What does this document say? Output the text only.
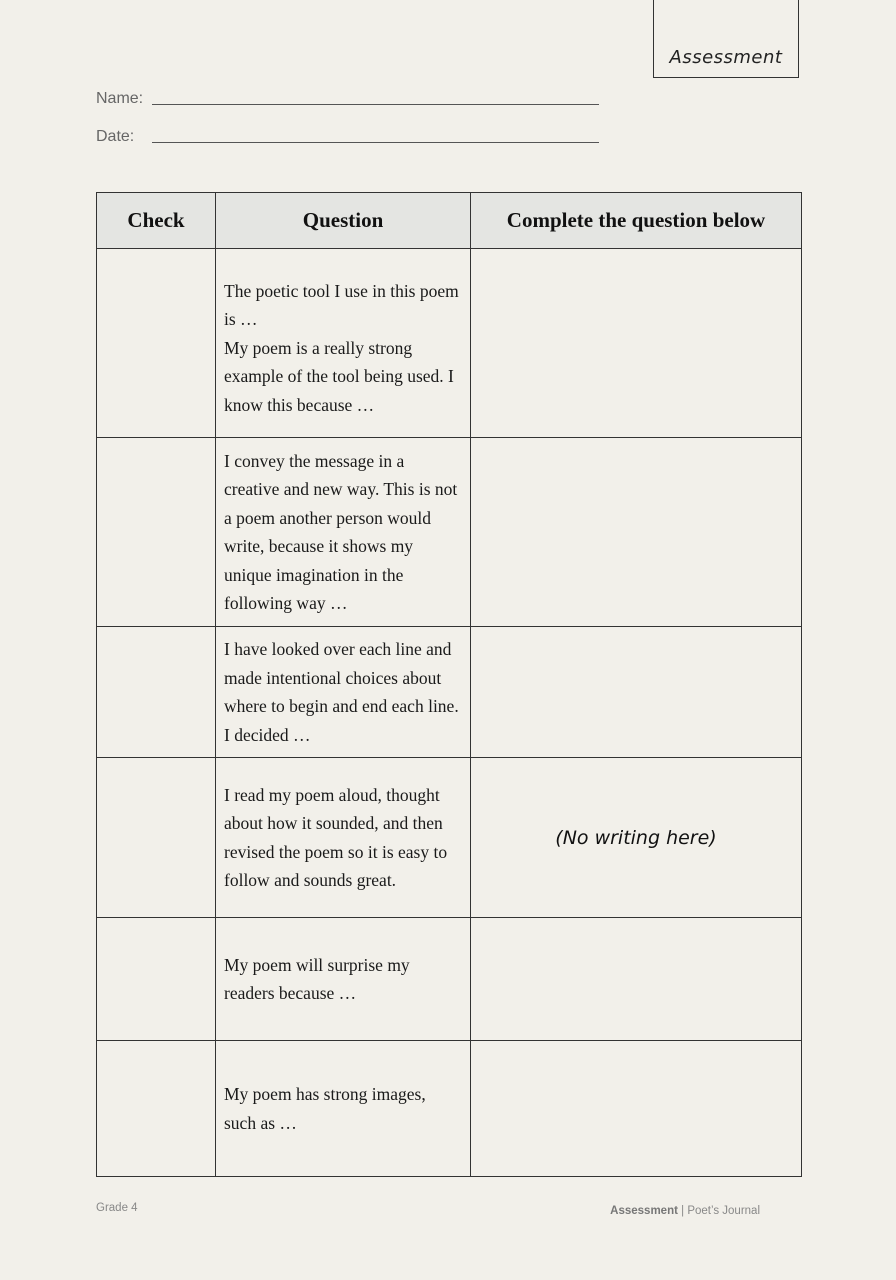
Assessment
Name:
Date:
Check	Question	Complete the question below

	The poetic tool I use in this poem is …
My poem is a really strong example of the tool being used. I know this because …	

	I convey the message in a creative and new way. This is not a poem another person would write, because it shows my unique imagination in the following way …	

	I have looked over each line and made intentional choices about where to begin and end each line. I decided …	

	I read my poem aloud, thought about how it sounded, and then revised the poem so it is easy to follow and sounds great.	(No writing here)

	My poem will surprise my readers because …	

	My poem has strong images, such as …	

Grade 4	Assessment | Poet’s Journal
